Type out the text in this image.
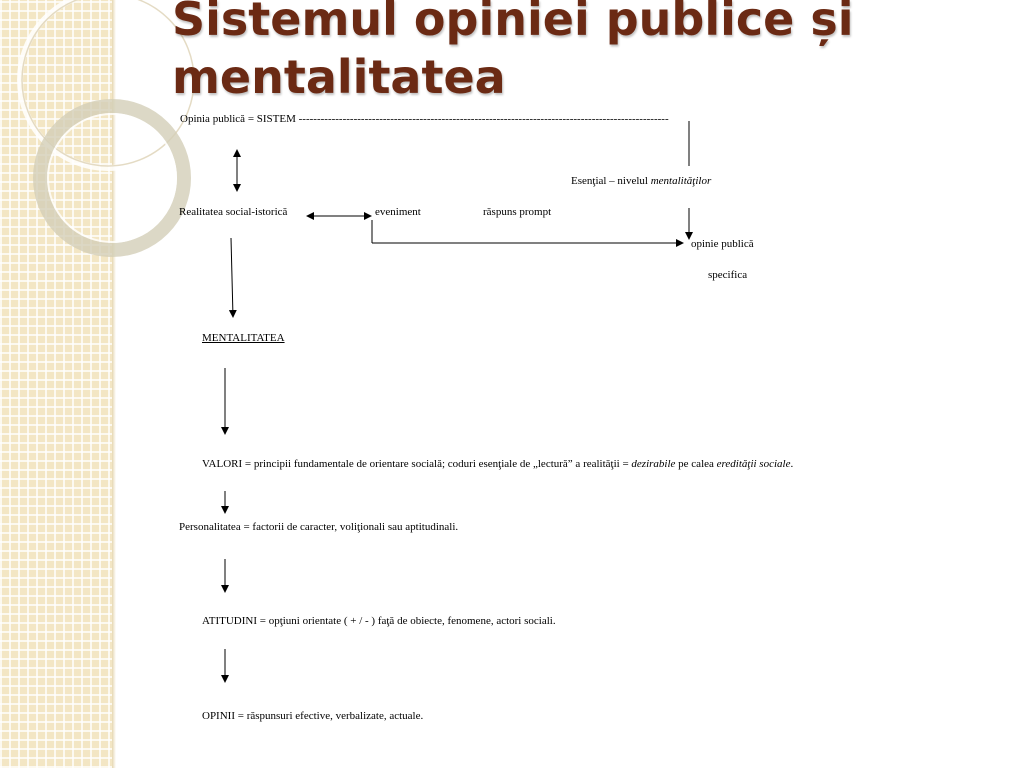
Sistemul opiniei publice și mentalitatea
Opinia publică = SISTEM -----------------------------------------------------------------------------------------------------
Esenţial – nivelul mentalităţilor
Realitatea social-istorică	eveniment	răspuns prompt
opinie publică
specifica
MENTALITATEA
VALORI = principii fundamentale de orientare socială; coduri esenţiale de „lectură” a realităţii = dezirabile pe calea eredităţii sociale.
Personalitatea = factorii de caracter, voliţionali sau aptitudinali.
ATITUDINI = opţiuni orientate ( + / - ) faţă de obiecte, fenomene, actori sociali.
OPINII = răspunsuri efective, verbalizate, actuale.
